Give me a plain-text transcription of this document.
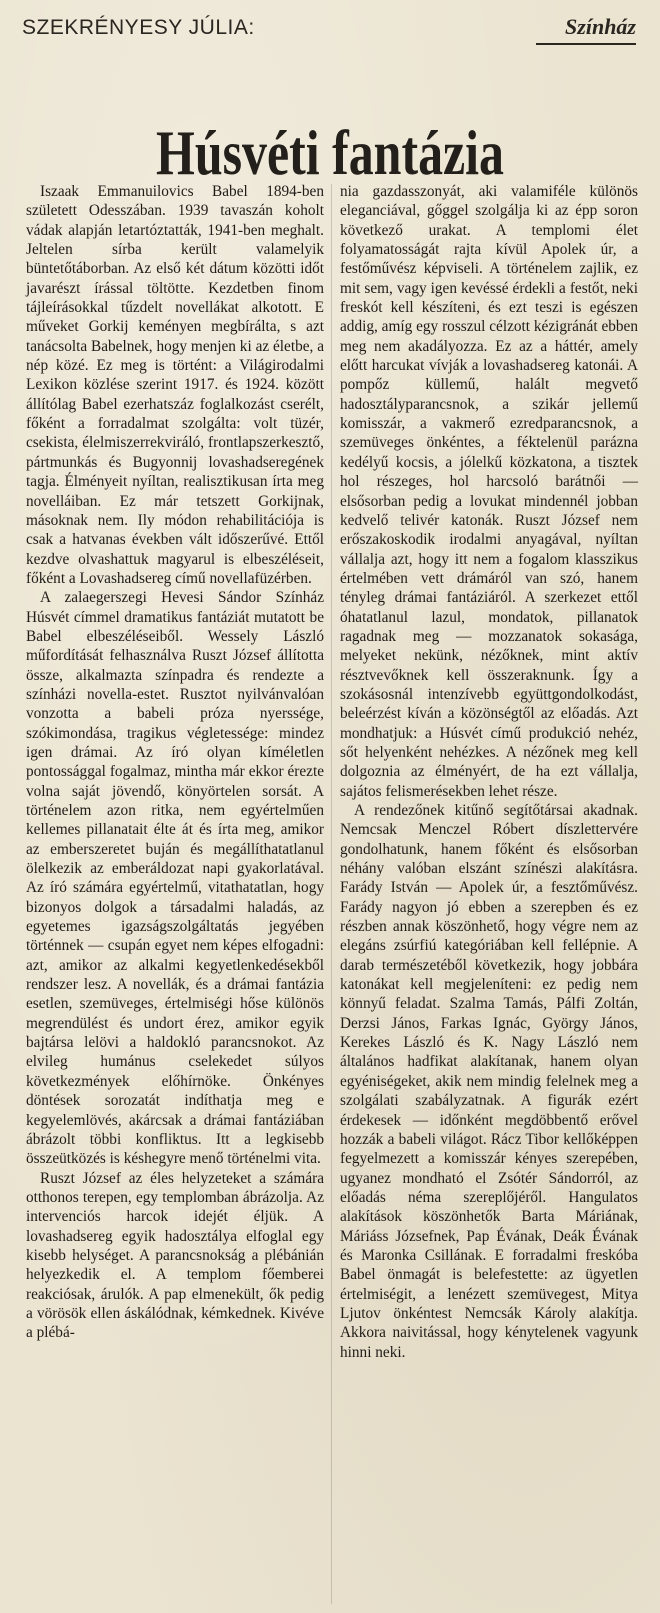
SZEKRÉNYESY JÚLIA:	Színház
Húsvéti fantázia

Iszaak Emmanuilovics Babel 1894-ben született Odesszában. 1939 tavaszán koholt vádak alapján letartóztatták, 1941-ben meghalt. Jeltelen sírba került valamelyik büntetőtáborban. Az első két dátum közötti időt javarészt írással töltötte. Kezdetben finom tájleírásokkal tűzdelt novellákat alkotott. E műveket Gorkij keményen megbírálta, s azt tanácsolta Babelnek, hogy menjen ki az életbe, a nép közé. Ez meg is történt: a Világirodalmi Lexikon közlése szerint 1917. és 1924. között állítólag Babel ezerhatszáz foglalkozást cserélt, főként a forradalmat szolgálta: volt tüzér, csekista, élelmiszerrekviráló, frontlapszerkesztő, pártmunkás és Bugyonnij lovashadseregének tagja. Élményeit nyíltan, realisztikusan írta meg novelláiban. Ez már tetszett Gorkijnak, másoknak nem. Ily módon rehabilitációja is csak a hatvanas években vált időszerűvé. Ettől kezdve olvashattuk magyarul is elbeszéléseit, főként a Lovashadsereg című novellafüzérben.

A zalaegerszegi Hevesi Sándor Színház Húsvét címmel dramatikus fantáziát mutatott be Babel elbeszéléseiből. Wessely László műfordítását felhasználva Ruszt József állította össze, alkalmazta színpadra és rendezte a színházi novella-estet. Rusztot nyilvánvalóan vonzotta a babeli próza nyerssége, szókimondása, tragikus végletessége: mindez igen drámai. Az író olyan kíméletlen pontossággal fogalmaz, mintha már ekkor érezte volna saját jövendő, könyörtelen sorsát. A történelem azon ritka, nem egyértelműen kellemes pillanatait élte át és írta meg, amikor az emberszeretet buján és megállíthatatlanul ölelkezik az emberáldozat napi gyakorlatával. Az író számára egyértelmű, vitathatatlan, hogy bizonyos dolgok a társadalmi haladás, az egyetemes igazságszolgáltatás jegyében történnek — csupán egyet nem képes elfogadni: azt, amikor az alkalmi kegyetlenkedésekből rendszer lesz. A novellák, és a drámai fantázia esetlen, szemüveges, értelmiségi hőse különös megrendülést és undort érez, amikor egyik bajtársa lelövi a haldokló parancsnokot. Az elvileg humánus cselekedet súlyos következmények előhírnöke. Önkényes döntések sorozatát indíthatja meg e kegyelemlövés, akárcsak a drámai fantáziában ábrázolt többi konfliktus. Itt a legkisebb összeütközés is késhegyre menő történelmi vita.

Ruszt József az éles helyzeteket a számára otthonos terepen, egy templomban ábrázolja. Az intervenciós harcok idejét éljük. A lovashadsereg egyik hadosztálya elfoglal egy kisebb helységet. A parancsnokság a plébánián helyezkedik el. A templom főemberei reakciósak, árulók. A pap elmenekült, ők pedig a vörösök ellen áskálódnak, kémkednek. Kivéve a plébá-

nia gazdasszonyát, aki valamiféle különös eleganciával, gőggel szolgálja ki az épp soron következő urakat. A templomi élet folyamatosságát rajta kívül Apolek úr, a festőművész képviseli. A történelem zajlik, ez mit sem, vagy igen kevéssé érdekli a festőt, neki freskót kell készíteni, és ezt teszi is egészen addig, amíg egy rosszul célzott kézigránát ebben meg nem akadályozza. Ez az a háttér, amely előtt harcukat vívják a lovashadsereg katonái. A pompőz küllemű, halált megvető hadosztályparancsnok, a szikár jellemű komisszár, a vakmerő ezredparancsnok, a szemüveges önkéntes, a féktelenül parázna kedélyű kocsis, a jólelkű közkatona, a tisztek hol részeges, hol harcsoló barátnői — elsősorban pedig a lovukat mindennél jobban kedvelő telivér katonák. Ruszt József nem erőszakoskodik irodalmi anyagával, nyíltan vállalja azt, hogy itt nem a fogalom klasszikus értelmében vett drámáról van szó, hanem tényleg drámai fantáziáról. A szerkezet ettől óhatatlanul lazul, mondatok, pillanatok ragadnak meg — mozzanatok sokasága, melyeket nekünk, nézőknek, mint aktív résztvevőknek kell összeraknunk. Így a szokásosnál intenzívebb együttgondolkodást, beleérzést kíván a közönségtől az előadás. Azt mondhatjuk: a Húsvét című produkció nehéz, sőt helyenként nehézkes. A nézőnek meg kell dolgoznia az élményért, de ha ezt vállalja, sajátos felismerésekben lehet része.

A rendezőnek kitűnő segítőtársai akadnak. Nemcsak Menczel Róbert díszlettervére gondolhatunk, hanem főként és elsősorban néhány valóban elszánt színészi alakításra. Farády István — Apolek úr, a fesztőművész. Farády nagyon jó ebben a szerepben és ez részben annak köszönhető, hogy végre nem az elegáns zsúrfiú kategóriában kell fellépnie. A darab természetéből következik, hogy jobbára katonákat kell megjeleníteni: ez pedig nem könnyű feladat. Szalma Tamás, Pálfi Zoltán, Derzsi János, Farkas Ignác, György János, Kerekes László és K. Nagy László nem általános hadfikat alakítanak, hanem olyan egyéniségeket, akik nem mindig felelnek meg a szolgálati szabályzatnak. A figurák ezért érdekesek — időnként megdöbbentő erővel hozzák a babeli világot. Rácz Tibor kellőképpen fegyelmezett a komisszár kényes szerepében, ugyanez mondható el Zsótér Sándorról, az előadás néma szereplőjéről. Hangulatos alakítások köszönhetők Barta Máriának, Máriáss Józsefnek, Pap Évának, Deák Évának és Maronka Csillának. E forradalmi freskóba Babel önmagát is belefestette: az ügyetlen értelmiségit, a lenézett szemüvegest, Mitya Ljutov önkéntest Nemcsák Károly alakítja. Akkora naivitással, hogy kénytelenek vagyunk hinni neki.
